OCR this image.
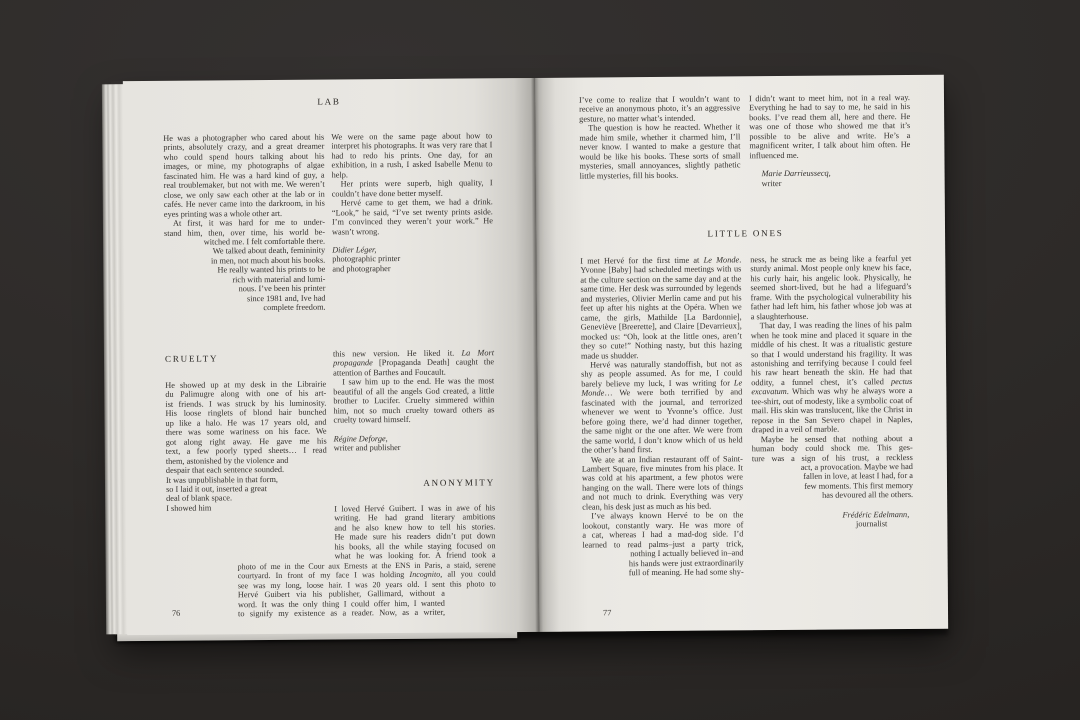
LAB
He was a photographer who cared about his prints, absolutely crazy, and a great dreamer who could spend hours talking about his images, or mine, my photographs of algae fascinated him. He was a hard kind of guy, a real troublemaker, but not with me. We weren’t close, we only saw each other at the lab or in cafés. He never came into the darkroom, in his eyes printing was a whole other art.
At first, it was hard for me to under-
stand him, then, over time, his world be-
witched me. I felt comfortable there.
We talked about death, femininity
in men, not much about his books.
He really wanted his prints to be
rich with material and lumi-
nous. I’ve been his printer
since 1981 and, Ive had
complete freedom.
We were on the same page about how to interpret his photographs. It was very rare that I had to redo his prints. One day, for an exhibition, in a rush, I asked Isabelle Menu to help.
Her prints were superb, high quality, I couldn’t have done better myself.
Hervé came to get them, we had a drink. “Look,” he said, “I’ve set twenty prints aside. I’m convinced they weren’t your work.” He wasn’t wrong.
Didier Léger,
photographic printer
and photographer
CRUELTY
He showed up at my desk in the Librairie
du Palimugre along with one of his art-
ist friends. I was struck by his luminosity.
His loose ringlets of blond hair bunched
up like a halo. He was 17 years old, and
there was some wariness on his face. We
got along right away. He gave me his
text, a few poorly typed sheets… I read
them, astonished by the violence and
despair that each sentence sounded.
It was unpublishable in that form,
so I laid it out, inserted a great
deal of blank space.
I showed him
this new version. He liked it. La Mort propagande [Propaganda Death] caught the attention of Barthes and Foucault.
I saw him up to the end. He was the most beautiful of all the angels God created, a little brother to Lucifer. Cruelty simmered within him, not so much cruelty toward others as cruelty toward himself.
Régine Deforge,
writer and publisher
ANONYMITY
I loved Hervé Guibert. I was in awe of his
writing. He had grand literary ambitions
and he also knew how to tell his stories.
He made sure his readers didn’t put down
his books, all the while staying focused on
what he was looking for. A friend took a
photo of me in the Cour aux Ernests at the ENS in Paris, a staid, serene
courtyard. In front of my face I was holding Incognito, all you could
see was my long, loose hair. I was 20 years old. I sent this photo to
Hervé Guibert via his publisher, Gallimard, without a
word. It was the only thing I could offer him, I wanted
to signify my existence as a reader. Now, as a writer,
76
I’ve come to realize that I wouldn’t want to receive an anonymous photo, it’s an aggressive gesture, no matter what’s intended.
The question is how he reacted. Whether it made him smile, whether it charmed him, I’ll never know. I wanted to make a gesture that would be like his books. These sorts of small mysteries, small annoyances, slightly pathetic little mysteries, fill his books.
I didn’t want to meet him, not in a real way. Everything he had to say to me, he said in his books. I’ve read them all, here and there. He was one of those who showed me that it’s possible to be alive and write. He’s a magnificent writer, I talk about him often. He influenced me.
Marie Darrieussecq,
writer
LITTLE ONES
I met Hervé for the first time at Le Monde. Yvonne [Baby] had scheduled meetings with us at the culture section on the same day and at the same time. Her desk was surrounded by legends and mysteries, Olivier Merlin came and put his feet up after his nights at the Opéra. When we came, the girls, Mathilde [La Bardonnie], Geneviève [Breerette], and Claire [Devarrieux], mocked us: “Oh, look at the little ones, aren’t they so cute!” Nothing nasty, but this hazing made us shudder.
Hervé was naturally standoffish, but not as shy as people assumed. As for me, I could barely believe my luck, I was writing for Le Monde… We were both terrified by and fascinated with the journal, and terrorized whenever we went to Yvonne’s office. Just before going there, we’d had dinner together, the same night or the one after. We were from the same world, I don’t know which of us held the other’s hand first.
We ate at an Indian restaurant off of Saint-Lambert Square, five minutes from his place. It was cold at his apartment, a few photos were hanging on the wall. There were lots of things and not much to drink. Everything was very clean, his desk just as much as his bed.
I’ve always known Hervé to be on the
lookout, constantly wary. He was more of
a cat, whereas I had a mad-dog side. I’d
learned to read palms–just a party trick,
nothing I actually believed in–and
his hands were just extraordinarily
full of meaning. He had some shy-
ness, he struck me as being like a fearful yet sturdy animal. Most people only knew his face, his curly hair, his angelic look. Physically, he seemed short-lived, but he had a lifeguard’s frame. With the psychological vulnerability his father had left him, his father whose job was at a slaughterhouse.
That day, I was reading the lines of his palm when he took mine and placed it square in the middle of his chest. It was a ritualistic gesture so that I would understand his fragility. It was astonishing and terrifying because I could feel his raw heart beneath the skin. He had that oddity, a funnel chest, it’s called pectus excavatum. Which was why he always wore a tee-shirt, out of modesty, like a symbolic coat of mail. His skin was translucent, like the Christ in repose in the San Severo chapel in Naples, draped in a veil of marble.
Maybe he sensed that nothing about a
human body could shock me. This ges-
ture was a sign of his trust, a reckless
act, a provocation. Maybe we had
fallen in love, at least I had, for a
few moments. This first memory
has devoured all the others.
Frédéric Edelmann,
journalist
77
